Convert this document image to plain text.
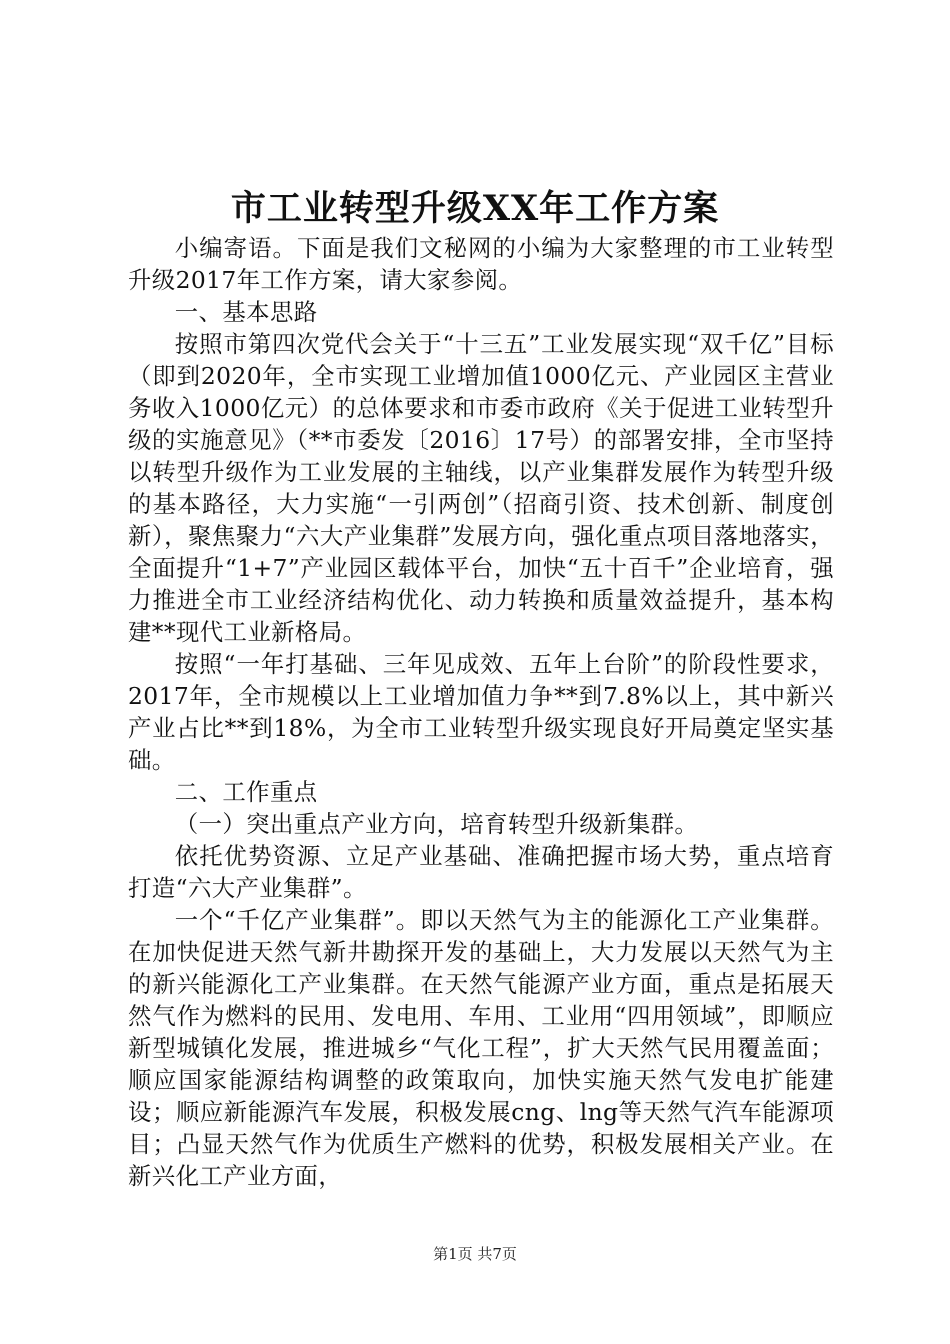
市工业转型升级XX年工作方案

小编寄语。下面是我们文秘网的小编为大家整理的市工业转型升级2017年工作方案，请大家参阅。

一、基本思路

按照市第四次党代会关于“十三五”工业发展实现“双千亿”目标（即到2020年，全市实现工业增加值1000亿元、产业园区主营业务收入1000亿元）的总体要求和市委市政府《关于促进工业转型升级的实施意见》（**市委发〔2016〕17号）的部署安排，全市坚持以转型升级作为工业发展的主轴线，以产业集群发展作为转型升级的基本路径，大力实施“一引两创”（招商引资、技术创新、制度创新），聚焦聚力“六大产业集群”发展方向，强化重点项目落地落实，全面提升“1+7”产业园区载体平台，加快“五十百千”企业培育，强力推进全市工业经济结构优化、动力转换和质量效益提升，基本构建**现代工业新格局。

按照“一年打基础、三年见成效、五年上台阶”的阶段性要求，2017年，全市规模以上工业增加值力争**到7.8%以上，其中新兴产业占比**到18%，为全市工业转型升级实现良好开局奠定坚实基础。

二、工作重点

（一）突出重点产业方向，培育转型升级新集群。

依托优势资源、立足产业基础、准确把握市场大势，重点培育打造“六大产业集群”。

一个“千亿产业集群”。即以天然气为主的能源化工产业集群。在加快促进天然气新井勘探开发的基础上，大力发展以天然气为主的新兴能源化工产业集群。在天然气能源产业方面，重点是拓展天然气作为燃料的民用、发电用、车用、工业用“四用领域”，即顺应新型城镇化发展，推进城乡“气化工程”，扩大天然气民用覆盖面；顺应国家能源结构调整的政策取向，加快实施天然气发电扩能建设；顺应新能源汽车发展，积极发展cng、lng等天然气汽车能源项目；凸显天然气作为优质生产燃料的优势，积极发展相关产业。在新兴化工产业方面，

第1页 共7页
